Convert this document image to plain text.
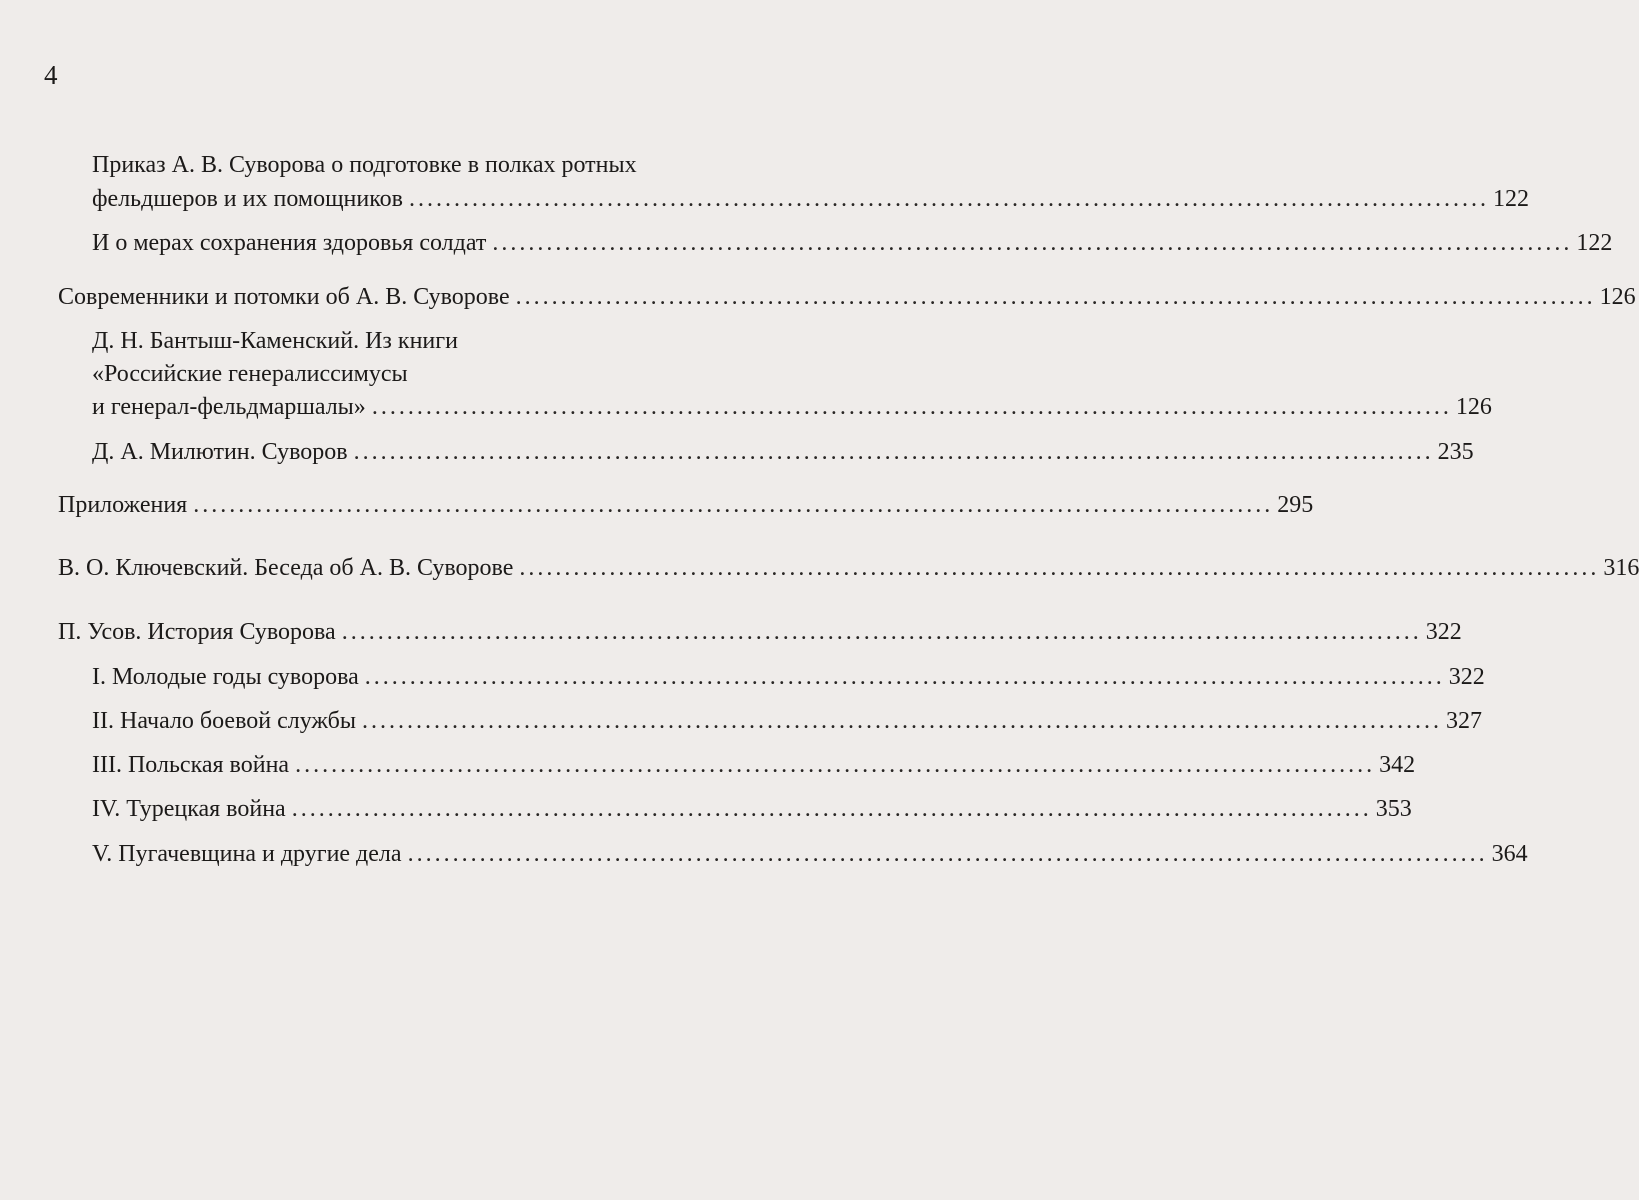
4
Приказ А. В. Суворова о подготовке в полках ротных
фельдшеров и их помощников ........................................................................................................................ 122
И о мерах сохранения здоровья солдат ........................................................................................................................ 122
Современники и потомки об А. В. Суворове ........................................................................................................................ 126
Д. Н. Бантыш-Каменский. Из книги
«Российские генералиссимусы
и генерал-фельдмаршалы» ........................................................................................................................ 126
Д. А. Милютин. Суворов ........................................................................................................................ 235
Приложения ........................................................................................................................ 295
В. О. Ключевский. Беседа об А. В. Суворове ........................................................................................................................ 316
П. Усов. История Суворова ........................................................................................................................ 322
I. Молодые годы суворова ........................................................................................................................ 322
II. Начало боевой службы ........................................................................................................................ 327
III. Польская война ........................................................................................................................ 342
IV. Турецкая война ........................................................................................................................ 353
V. Пугачевщина и другие дела ........................................................................................................................ 364
